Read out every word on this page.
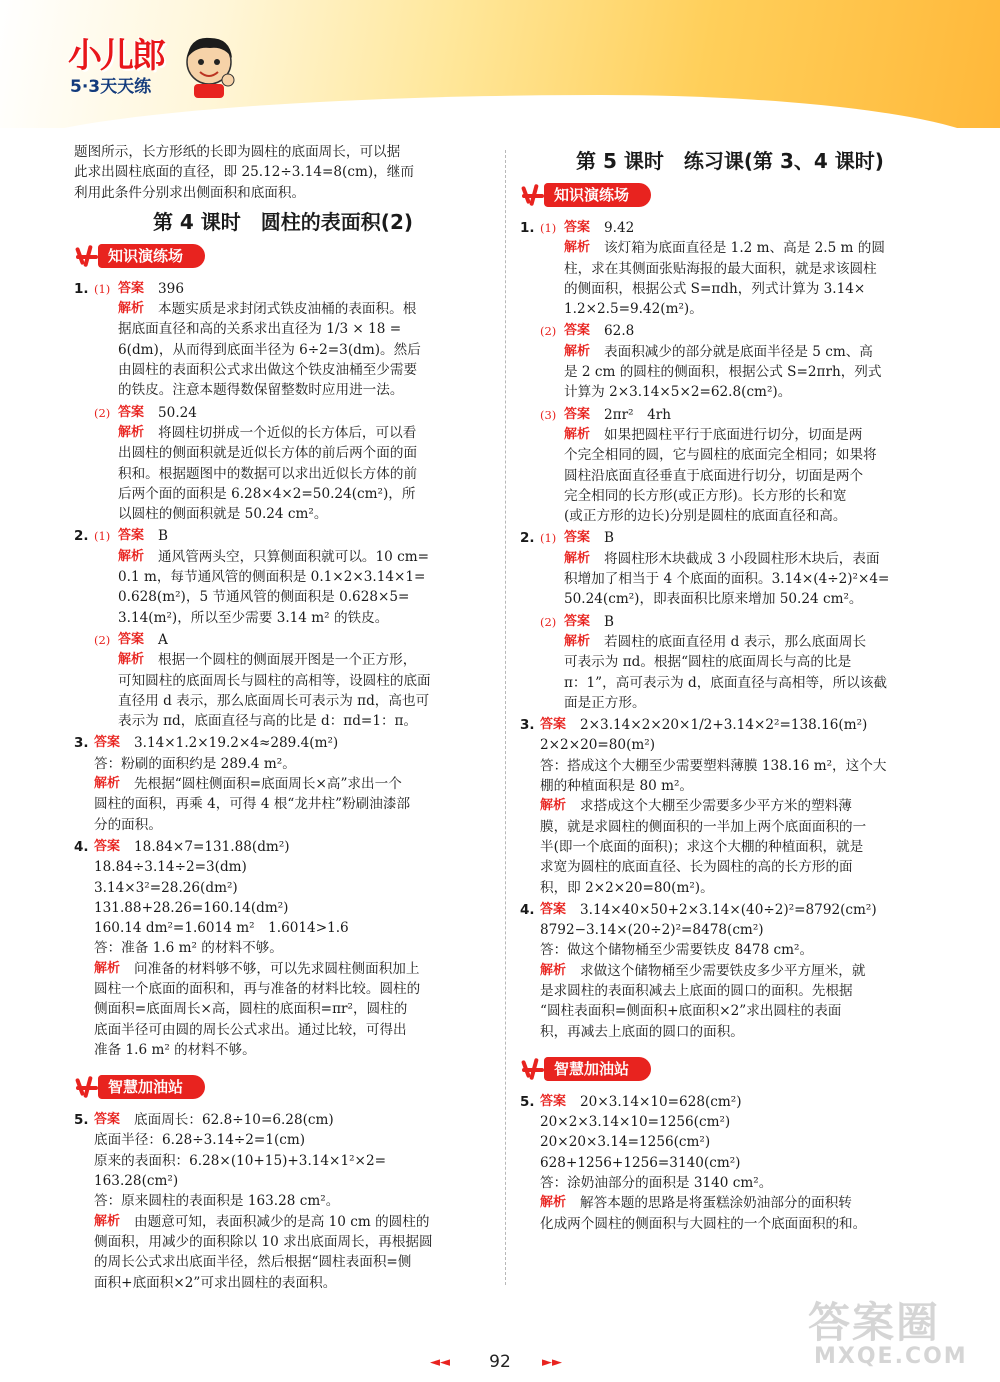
小儿郎
5·3天天练
题图所示，长方形纸的长即为圆柱的底面周长，可以据
此求出圆柱底面的直径，即 25.12÷3.14=8(cm)，继而
利用此条件分别求出侧面积和底面积。
第 4 课时　圆柱的表面积(2)
知识演练场
1. (1) 答案 396
解析 本题实质是求封闭式铁皮油桶的表面积。根
据底面直径和高的关系求出直径为 1/3 × 18 =
6(dm)，从而得到底面半径为 6÷2=3(dm)。然后
由圆柱的表面积公式求出做这个铁皮油桶至少需要
的铁皮。注意本题得数保留整数时应用进一法。
(2) 答案 50.24
解析 将圆柱切拼成一个近似的长方体后，可以看
出圆柱的侧面积就是近似长方体的前后两个面的面
积和。根据题图中的数据可以求出近似长方体的前
后两个面的面积是 6.28×4×2=50.24(cm²)，所
以圆柱的侧面积就是 50.24 cm²。
2. (1) 答案 B
解析 通风管两头空，只算侧面积就可以。10 cm=
0.1 m，每节通风管的侧面积是 0.1×2×3.14×1=
0.628(m²)，5 节通风管的侧面积是 0.628×5=
3.14(m²)，所以至少需要 3.14 m² 的铁皮。
(2) 答案 A
解析 根据一个圆柱的侧面展开图是一个正方形，
可知圆柱的底面周长与圆柱的高相等，设圆柱的底面
直径用 d 表示，那么底面周长可表示为 πd，高也可
表示为 πd，底面直径与高的比是 d：πd=1：π。
3. 答案 3.14×1.2×19.2×4≈289.4(m²)
答：粉刷的面积约是 289.4 m²。
解析 先根据“圆柱侧面积=底面周长×高”求出一个
圆柱的面积，再乘 4，可得 4 根“龙井柱”粉刷油漆部
分的面积。
4. 答案 18.84×7=131.88(dm²)
18.84÷3.14÷2=3(dm)
3.14×3²=28.26(dm²)
131.88+28.26=160.14(dm²)
160.14 dm²=1.6014 m²　1.6014>1.6
答：准备 1.6 m² 的材料不够。
解析 问准备的材料够不够，可以先求圆柱侧面积加上
圆柱一个底面的面积和，再与准备的材料比较。圆柱的
侧面积=底面周长×高，圆柱的底面积=πr²，圆柱的
底面半径可由圆的周长公式求出。通过比较，可得出
准备 1.6 m² 的材料不够。
智慧加油站
5. 答案 底面周长：62.8÷10=6.28(cm)
底面半径：6.28÷3.14÷2=1(cm)
原来的表面积：6.28×(10+15)+3.14×1²×2=
163.28(cm²)
答：原来圆柱的表面积是 163.28 cm²。
解析 由题意可知，表面积减少的是高 10 cm 的圆柱的
侧面积，用减少的面积除以 10 求出底面周长，再根据圆
的周长公式求出底面半径，然后根据“圆柱表面积=侧
面积+底面积×2”可求出圆柱的表面积。
第 5 课时　练习课(第 3、4 课时)
知识演练场
1. (1) 答案 9.42
解析 该灯箱为底面直径是 1.2 m、高是 2.5 m 的圆
柱，求在其侧面张贴海报的最大面积，就是求该圆柱
的侧面积，根据公式 S=πdh，列式计算为 3.14×
1.2×2.5=9.42(m²)。
(2) 答案 62.8
解析 表面积减少的部分就是底面半径是 5 cm、高
是 2 cm 的圆柱的侧面积，根据公式 S=2πrh，列式
计算为 2×3.14×5×2=62.8(cm²)。
(3) 答案 2πr²　4rh
解析 如果把圆柱平行于底面进行切分，切面是两
个完全相同的圆，它与圆柱的底面完全相同；如果将
圆柱沿底面直径垂直于底面进行切分，切面是两个
完全相同的长方形(或正方形)。长方形的长和宽
(或正方形的边长)分别是圆柱的底面直径和高。
2. (1) 答案 B
解析 将圆柱形木块截成 3 小段圆柱形木块后，表面
积增加了相当于 4 个底面的面积。3.14×(4÷2)²×4=
50.24(cm²)，即表面积比原来增加 50.24 cm²。
(2) 答案 B
解析 若圆柱的底面直径用 d 表示，那么底面周长
可表示为 πd。根据“圆柱的底面周长与高的比是
π：1”，高可表示为 d，底面直径与高相等，所以该截
面是正方形。
3. 答案 2×3.14×2×20×1/2+3.14×2²=138.16(m²)
2×2×20=80(m²)
答：搭成这个大棚至少需要塑料薄膜 138.16 m²，这个大
棚的种植面积是 80 m²。
解析 求搭成这个大棚至少需要多少平方米的塑料薄
膜，就是求圆柱的侧面积的一半加上两个底面面积的一
半(即一个底面的面积)；求这个大棚的种植面积，就是
求宽为圆柱的底面直径、长为圆柱的高的长方形的面
积，即 2×2×20=80(m²)。
4. 答案 3.14×40×50+2×3.14×(40÷2)²=8792(cm²)
8792−3.14×(20÷2)²=8478(cm²)
答：做这个储物桶至少需要铁皮 8478 cm²。
解析 求做这个储物桶至少需要铁皮多少平方厘米，就
是求圆柱的表面积减去上底面的圆口的面积。先根据
“圆柱表面积=侧面积+底面积×2”求出圆柱的表面
积，再减去上底面的圆口的面积。
智慧加油站
5. 答案 20×3.14×10=628(cm²)
20×2×3.14×10=1256(cm²)
20×20×3.14=1256(cm²)
628+1256+1256=3140(cm²)
答：涂奶油部分的面积是 3140 cm²。
解析 解答本题的思路是将蛋糕涂奶油部分的面积转
化成两个圆柱的侧面积与大圆柱的一个底面面积的和。
◄◄	92	►►
答案圈
MXQE.COM
